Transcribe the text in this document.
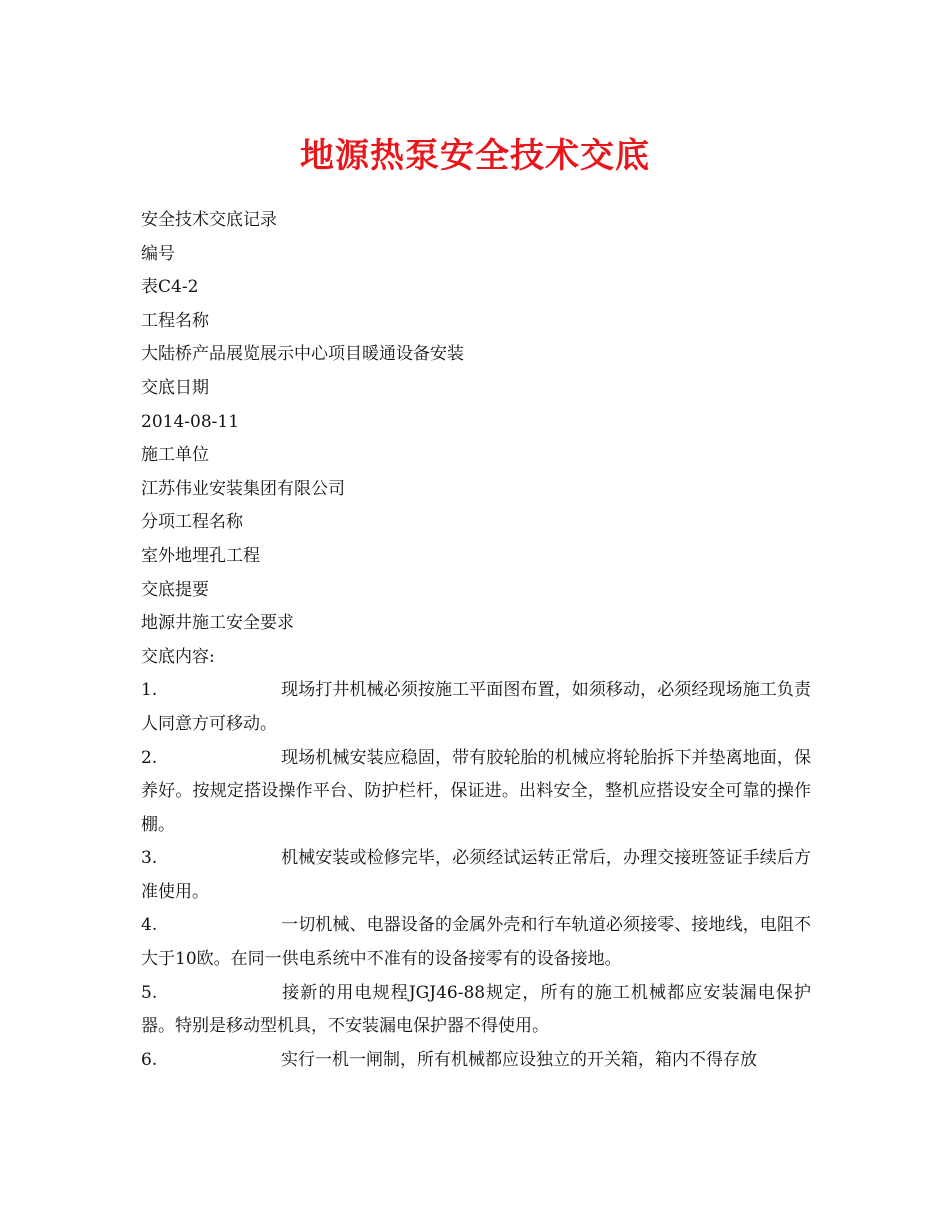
地源热泵安全技术交底
安全技术交底记录
编号
表C4-2
工程名称
大陆桥产品展览展示中心项目暖通设备安装
交底日期
2014-08-11
施工单位
江苏伟业安装集团有限公司
分项工程名称
室外地埋孔工程
交底提要
地源井施工安全要求
交底内容:
1.	现场打井机械必须按施工平面图布置，如须移动，必须经现场施工负责人同意方可移动。
2.	现场机械安装应稳固，带有胶轮胎的机械应将轮胎拆下并垫离地面，保养好。按规定搭设操作平台、防护栏杆，保证进。出料安全，整机应搭设安全可靠的操作棚。
3.	机械安装或检修完毕，必须经试运转正常后，办理交接班签证手续后方准使用。
4.	一切机械、电器设备的金属外壳和行车轨道必须接零、接地线，电阻不大于10欧。在同一供电系统中不准有的设备接零有的设备接地。
5.	接新的用电规程JGJ46-88规定，所有的施工机械都应安装漏电保护器。特别是移动型机具，不安装漏电保护器不得使用。
6.	实行一机一闸制，所有机械都应设独立的开关箱，箱内不得存放
